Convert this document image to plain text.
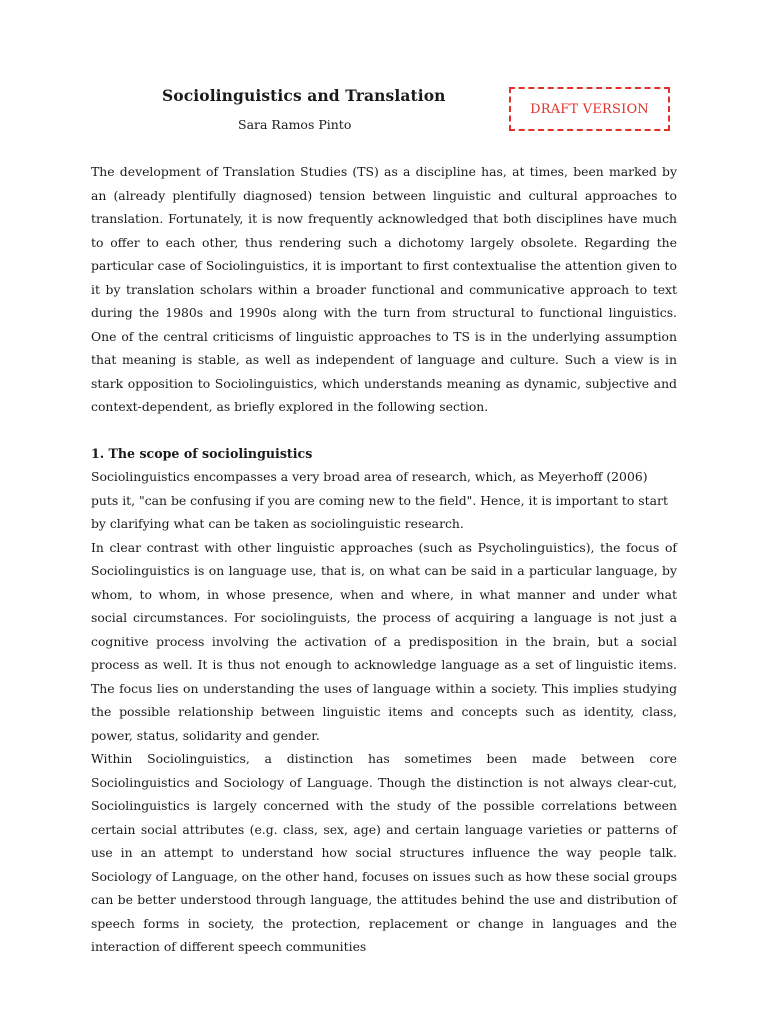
Sociolinguistics and Translation
Sara Ramos Pinto
DRAFT VERSION

The development of Translation Studies (TS) as a discipline has, at times, been marked by an (already plentifully diagnosed) tension between linguistic and cultural approaches to translation. Fortunately, it is now frequently acknowledged that both disciplines have much to offer to each other, thus rendering such a dichotomy largely obsolete. Regarding the particular case of Sociolinguistics, it is important to first contextualise the attention given to it by translation scholars within a broader functional and communicative approach to text during the 1980s and 1990s along with the turn from structural to functional linguistics. One of the central criticisms of linguistic approaches to TS is in the underlying assumption that meaning is stable, as well as independent of language and culture. Such a view is in stark opposition to Sociolinguistics, which understands meaning as dynamic, subjective and context-dependent, as briefly explored in the following section.

1. The scope of sociolinguistics

Sociolinguistics encompasses a very broad area of research, which, as Meyerhoff (2006) puts it, "can be confusing if you are coming new to the field". Hence, it is important to start by clarifying what can be taken as sociolinguistic research.

In clear contrast with other linguistic approaches (such as Psycholinguistics), the focus of Sociolinguistics is on language use, that is, on what can be said in a particular language, by whom, to whom, in whose presence, when and where, in what manner and under what social circumstances. For sociolinguists, the process of acquiring a language is not just a cognitive process involving the activation of a predisposition in the brain, but a social process as well. It is thus not enough to acknowledge language as a set of linguistic items. The focus lies on understanding the uses of language within a society. This implies studying the possible relationship between linguistic items and concepts such as identity, class, power, status, solidarity and gender.

Within Sociolinguistics, a distinction has sometimes been made between core Sociolinguistics and Sociology of Language. Though the distinction is not always clear-cut, Sociolinguistics is largely concerned with the study of the possible correlations between certain social attributes (e.g. class, sex, age) and certain language varieties or patterns of use in an attempt to understand how social structures influence the way people talk. Sociology of Language, on the other hand, focuses on issues such as how these social groups can be better understood through language, the attitudes behind the use and distribution of speech forms in society, the protection, replacement or change in languages and the interaction of different speech communities
